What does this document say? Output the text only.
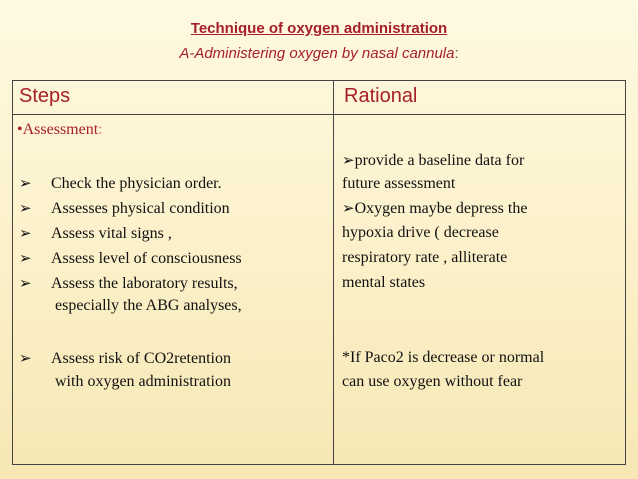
Technique of oxygen administration
A-Administering oxygen by nasal cannula:
Steps	Rational
•Assessment:
➢ Check the physician order.
➢ Assesses physical condition
➢ Assess vital signs ,
➢ Assess level of consciousness
➢ Assess the laboratory results,
especially the ABG analyses,
➢ Assess risk of CO2retention
with oxygen administration
➢provide a baseline data for
future assessment
➢Oxygen maybe depress the
hypoxia drive ( decrease
respiratory rate , alliterate
mental states
*If Paco2 is decrease or normal
can use oxygen without fear
